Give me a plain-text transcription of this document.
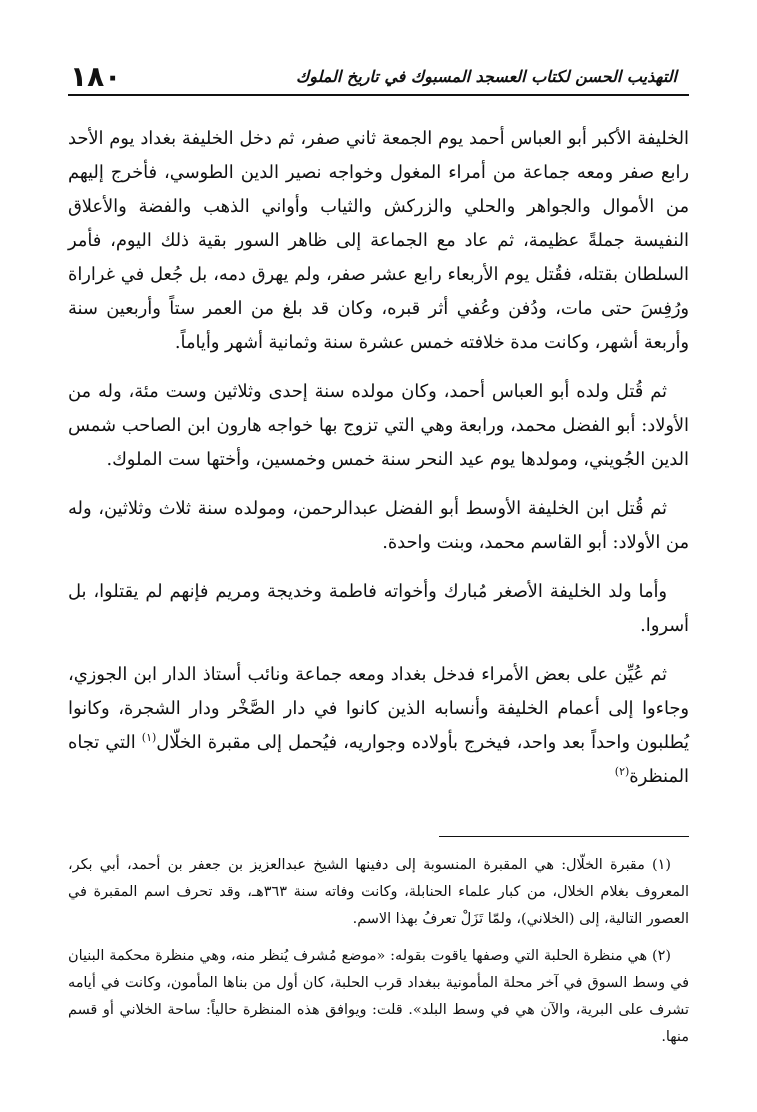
١٨٠	التهذيب الحسن لكتاب العسجد المسبوك في تاريخ الملوك

الخليفة الأكبر أبو العباس أحمد يوم الجمعة ثاني صفر، ثم دخل الخليفة بغداد يوم الأحد رابع صفر ومعه جماعة من أمراء المغول وخواجه نصير الدين الطوسي، فأخرج إليهم من الأموال والجواهر والحلي والزركش والثياب وأواني الذهب والفضة والأعلاق النفيسة جملةً عظيمة، ثم عاد مع الجماعة إلى ظاهر السور بقية ذلك اليوم، فأمر السلطان بقتله، فقُتل يوم الأربعاء رابع عشر صفر، ولم يهرق دمه، بل جُعل في غراراة ورُفِسَ حتى مات، ودُفن وعُفي أثر قبره، وكان قد بلغ من العمر ستاً وأربعين سنة وأربعة أشهر، وكانت مدة خلافته خمس عشرة سنة وثمانية أشهر وأياماً.

ثم قُتل ولده أبو العباس أحمد، وكان مولده سنة إحدى وثلاثين وست مئة، وله من الأولاد: أبو الفضل محمد، ورابعة وهي التي تزوج بها خواجه هارون ابن الصاحب شمس الدين الجُويني، ومولدها يوم عيد النحر سنة خمس وخمسين، وأختها ست الملوك.

ثم قُتل ابن الخليفة الأوسط أبو الفضل عبدالرحمن، ومولده سنة ثلاث وثلاثين، وله من الأولاد: أبو القاسم محمد، وبنت واحدة.

وأما ولد الخليفة الأصغر مُبارك وأخواته فاطمة وخديجة ومريم فإنهم لم يقتلوا، بل أسروا.

ثم عُيِّن على بعض الأمراء فدخل بغداد ومعه جماعة ونائب أستاذ الدار ابن الجوزي، وجاءوا إلى أعمام الخليفة وأنسابه الذين كانوا في دار الصَّخْر ودار الشجرة، وكانوا يُطلبون واحداً بعد واحد، فيخرج بأولاده وجواريه، فيُحمل إلى مقبرة الخلّال$^{(١)}$ التي تجاه المنظرة$^{(٢)}$

(١) مقبرة الخلّال: هي المقبرة المنسوبة إلى دفينها الشيخ عبدالعزيز بن جعفر بن أحمد، أبي بكر، المعروف بغلام الخلال، من كبار علماء الحنابلة، وكانت وفاته سنة ٣٦٣هـ، وقد تحرف اسم المقبرة في العصور التالية، إلى (الخلاني)، ولمّا تَزَلْ تعرفُ بهذا الاسم.

(٢) هي منظرة الحلبة التي وصفها ياقوت بقوله: «موضع مُشرف يُنظر منه، وهي منظرة محكمة البنيان في وسط السوق في آخر محلة المأمونية ببغداد قرب الحلبة، كان أول من بناها المأمون، وكانت في أيامه تشرف على البرية، والآن هي في وسط البلد». قلت: ويوافق هذه المنظرة حالياً: ساحة الخلاني أو قسم منها.
